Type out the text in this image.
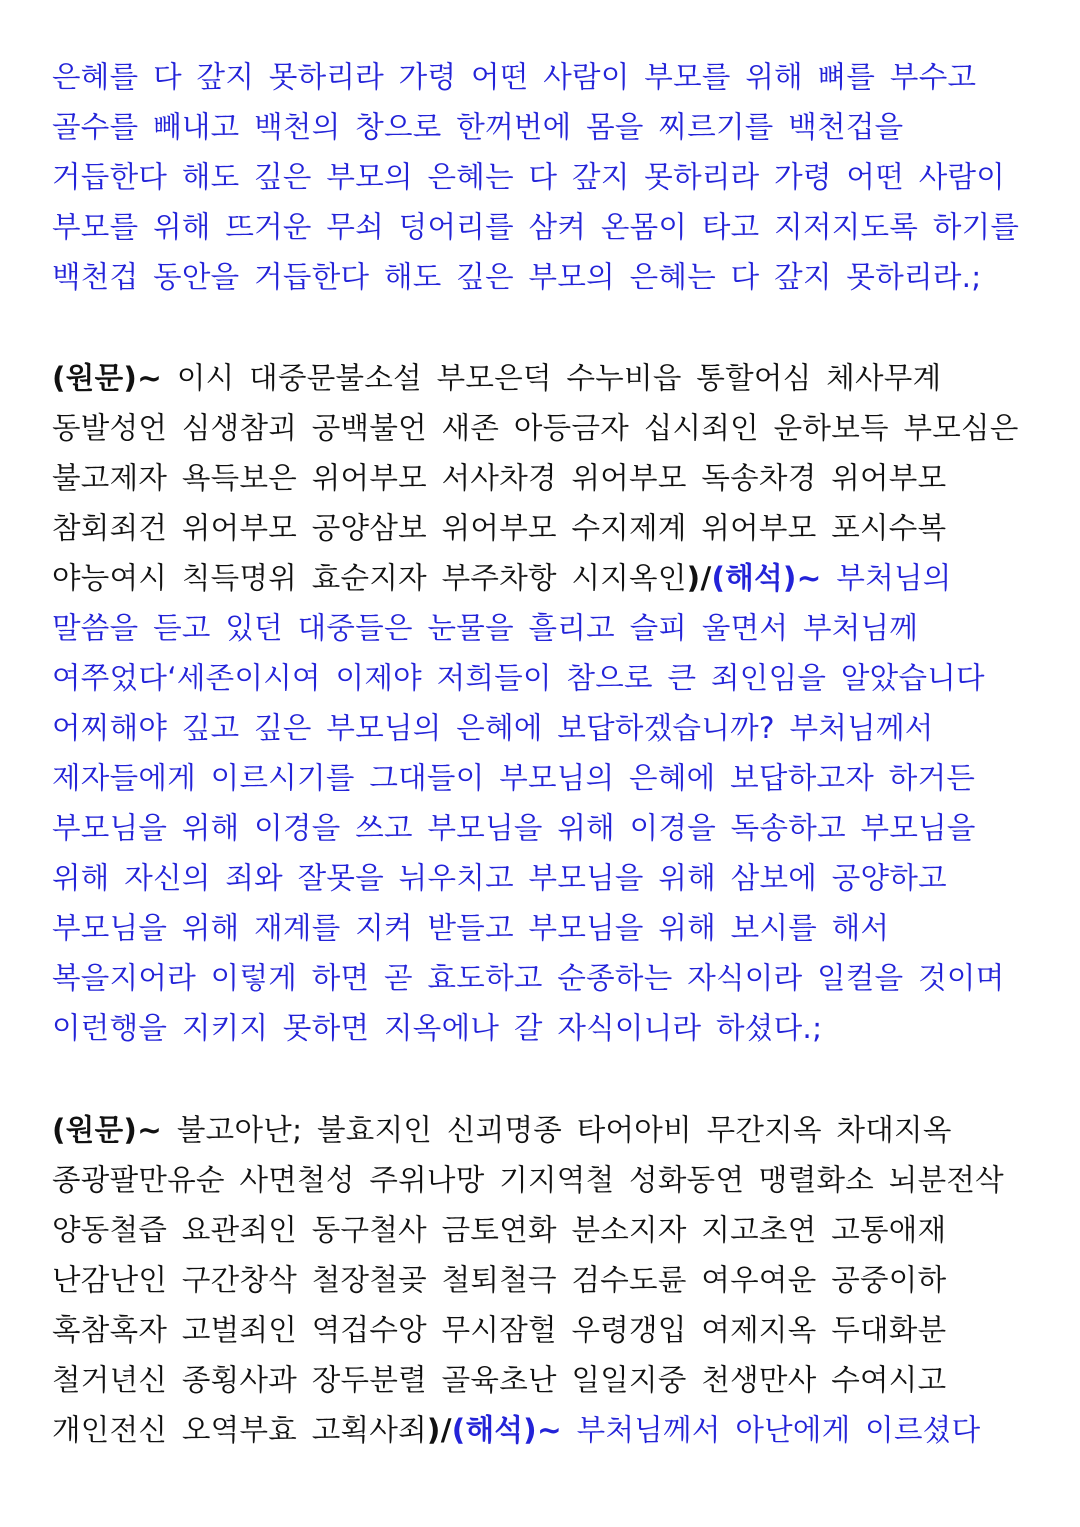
은혜를 다 갚지 못하리라 가령 어떤 사람이 부모를 위해 뼈를 부수고
골수를 빼내고 백천의 창으로 한꺼번에 몸을 찌르기를 백천겁을
거듭한다 해도 깊은 부모의 은혜는 다 갚지 못하리라 가령 어떤 사람이
부모를 위해 뜨거운 무쇠 덩어리를 삼켜 온몸이 타고 지저지도록 하기를
백천겁 동안을 거듭한다 해도 깊은 부모의 은혜는 다 갚지 못하리라.;
(원문)~ 이시 대중문불소설 부모은덕 수누비읍 통할어심 체사무계
동발성언 심생참괴 공백불언 새존 아등금자 십시죄인 운하보득 부모심은
불고제자 욕득보은 위어부모 서사차경 위어부모 독송차경 위어부모
참회죄건 위어부모 공양삼보 위어부모 수지제계 위어부모 포시수복
야능여시 칙득명위 효순지자 부주차항 시지옥인)/(해석)~ 부처님의
말씀을 듣고 있던 대중들은 눈물을 흘리고 슬피 울면서 부처님께
여쭈었다‘세존이시여 이제야 저희들이 참으로 큰 죄인임을 알았습니다
어찌해야 깊고 깊은 부모님의 은혜에 보답하겠습니까? 부처님께서
제자들에게 이르시기를 그대들이 부모님의 은혜에 보답하고자 하거든
부모님을 위해 이경을 쓰고 부모님을 위해 이경을 독송하고 부모님을
위해 자신의 죄와 잘못을 뉘우치고 부모님을 위해 삼보에 공양하고
부모님을 위해 재계를 지켜 받들고 부모님을 위해 보시를 해서
복을지어라 이렇게 하면 곧 효도하고 순종하는 자식이라 일컬을 것이며
이런행을 지키지 못하면 지옥에나 갈 자식이니라 하셨다.;
(원문)~ 불고아난; 불효지인 신괴명종 타어아비 무간지옥 차대지옥
종광팔만유순 사면철성 주위나망 기지역철 성화동연 맹렬화소 뇌분전삭
양동철즙 요관죄인 동구철사 금토연화 분소지자 지고초연 고통애재
난감난인 구간창삭 철장철곶 철퇴철극 검수도륜 여우여운 공중이하
혹참혹자 고벌죄인 역겁수앙 무시잠헐 우령갱입 여제지옥 두대화분
철거년신 종횡사과 장두분렬 골육초난 일일지중 천생만사 수여시고
개인전신 오역부효 고획사죄)/(해석)~ 부처님께서 아난에게 이르셨다
